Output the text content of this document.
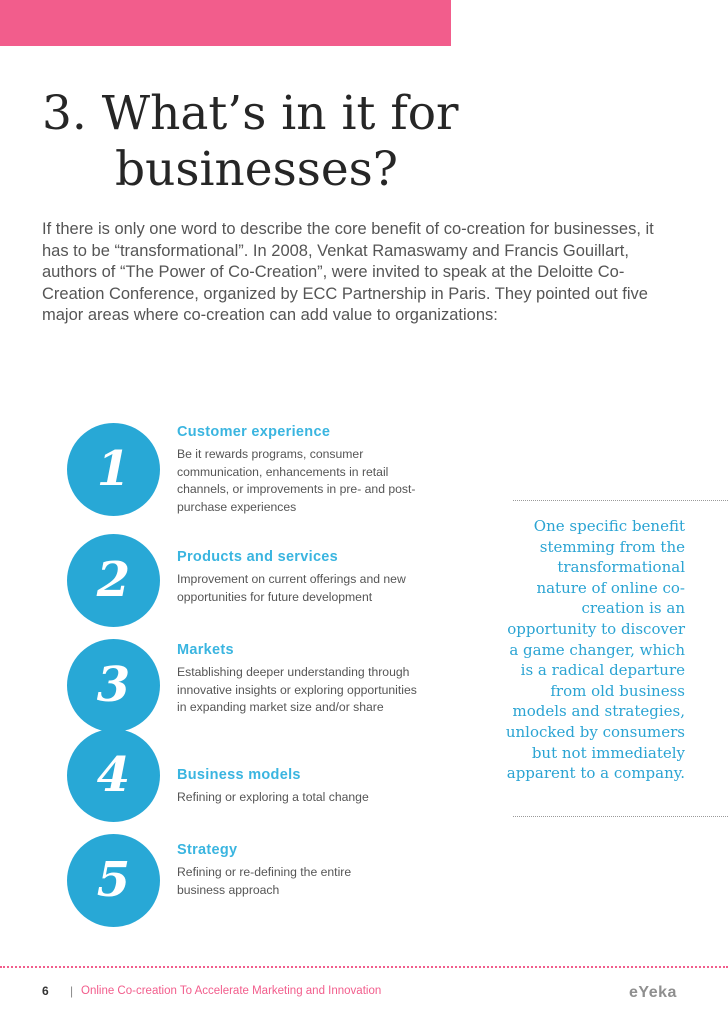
3. What’s in it for
businesses?

If there is only one word to describe the core benefit of co-creation for businesses, it has to be “transformational”. In 2008, Venkat Ramaswamy and Francis Gouillart, authors of “The Power of Co-Creation”, were invited to speak at the Deloitte Co-Creation Conference, organized by ECC Partnership in Paris. They pointed out five major areas where co-creation can add value to organizations:

1
2
3
4
5
Customer experience

Be it rewards programs, consumer communication, enhancements in retail channels, or improvements in pre- and post-purchase experiences

Products and services

Improvement on current offerings and new opportunities for future development

Markets

Establishing deeper understanding through innovative insights or exploring opportunities in expanding market size and/or share

Business models

Refining or exploring a total change

Strategy

Refining or re-defining the entire business approach

One specific benefit stemming from the transformational nature of online co-creation is an opportunity to discover a game changer, which is a radical departure from old business models and strategies, unlocked by consumers but not immediately apparent to a company.

6 | Online Co-creation To Accelerate Marketing and Innovation	eYeka
